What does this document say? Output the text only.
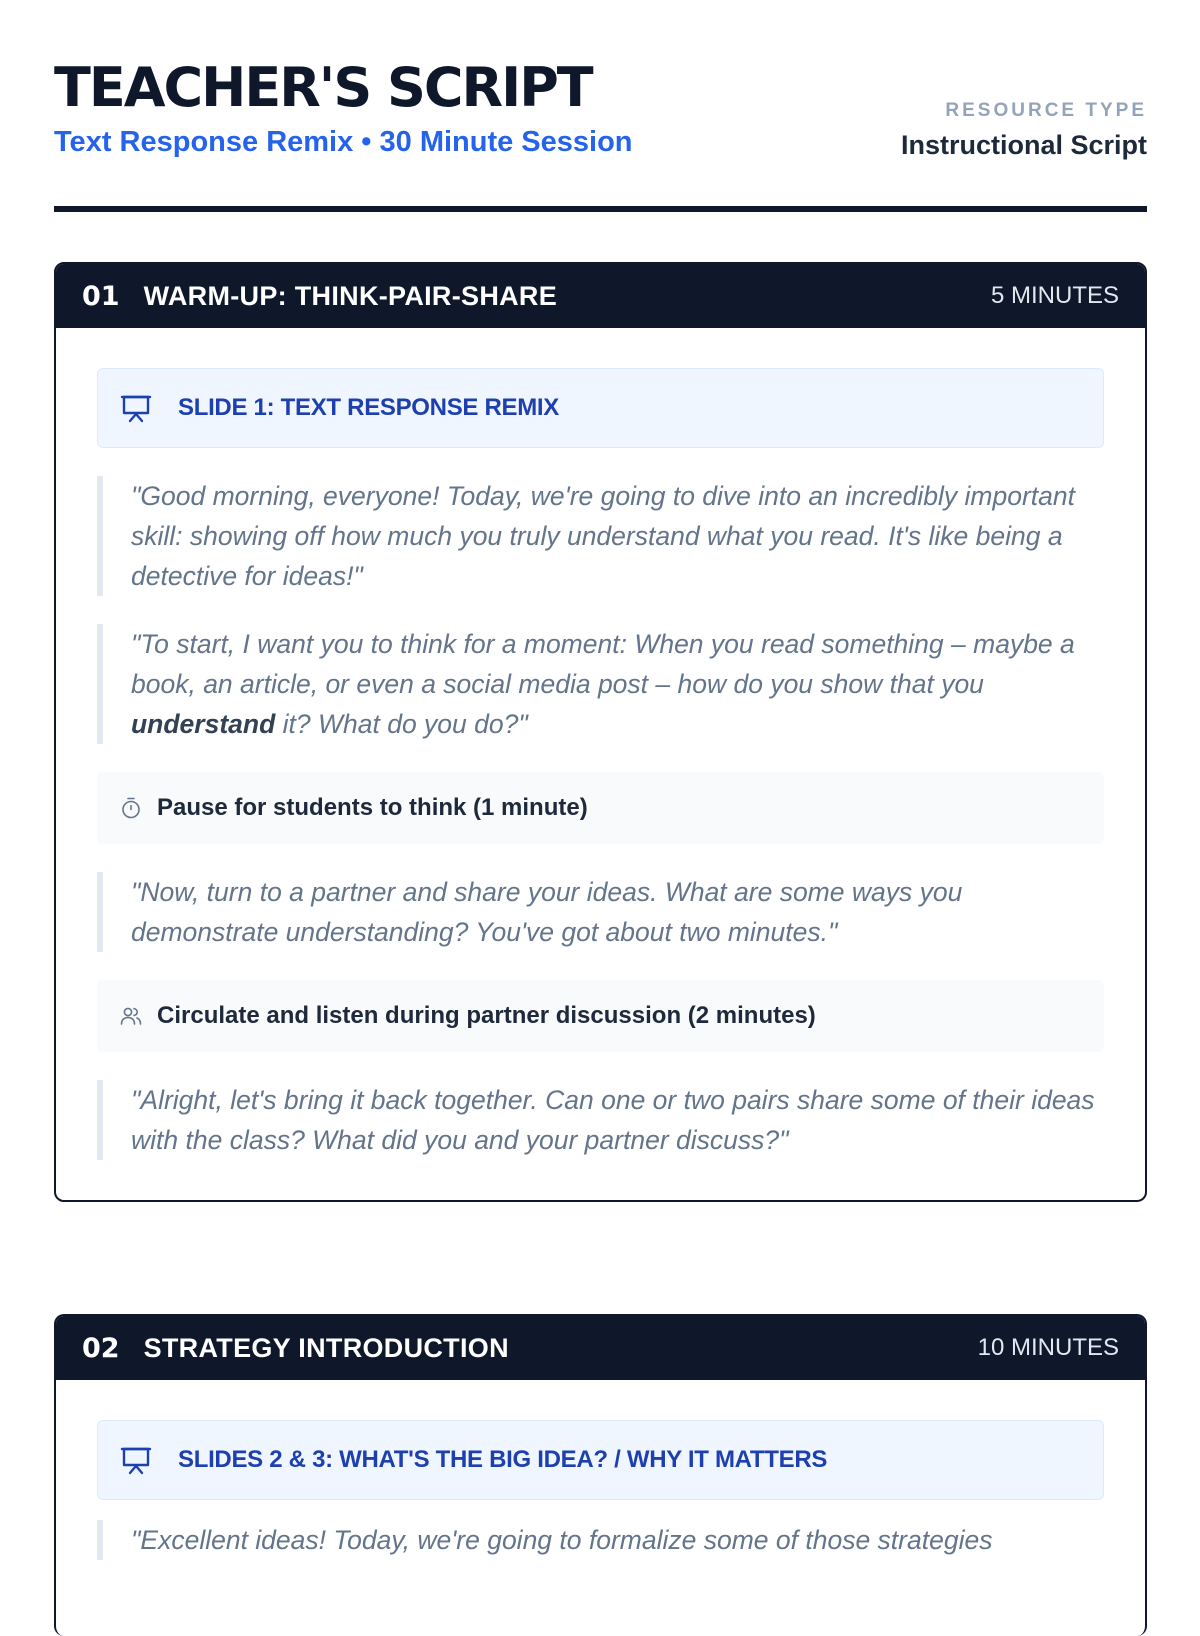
TEACHER'S SCRIPT
Text Response Remix • 30 Minute Session
RESOURCE TYPE
Instructional Script
01 WARM-UP: THINK-PAIR-SHARE	5 MINUTES
SLIDE 1: TEXT RESPONSE REMIX
"Good morning, everyone! Today, we're going to dive into an incredibly important skill: showing off how much you truly understand what you read. It's like being a detective for ideas!"
"To start, I want you to think for a moment: When you read something – maybe a book, an article, or even a social media post – how do you show that you understand it? What do you do?"
Pause for students to think (1 minute)
"Now, turn to a partner and share your ideas. What are some ways you demonstrate understanding? You've got about two minutes."
Circulate and listen during partner discussion (2 minutes)
"Alright, let's bring it back together. Can one or two pairs share some of their ideas with the class? What did you and your partner discuss?"
02 STRATEGY INTRODUCTION	10 MINUTES
SLIDES 2 & 3: WHAT'S THE BIG IDEA? / WHY IT MATTERS
"Excellent ideas! Today, we're going to formalize some of those strategies
